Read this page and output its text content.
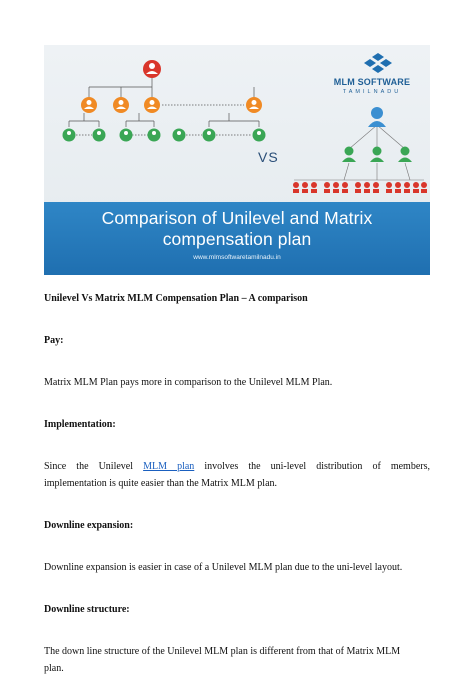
MLM SOFTWARE
TAMILNADU
VS
Comparison of Unilevel and Matrix
compensation plan
www.mlmsoftwaretamilnadu.in
Unilevel Vs Matrix MLM Compensation Plan – A comparison
Pay:
Matrix MLM Plan pays more in comparison to the Unilevel MLM Plan.
Implementation:
Since the Unilevel MLM plan involves the uni-level distribution of members,
implementation is quite easier than the Matrix MLM plan.
Downline expansion:
Downline expansion is easier in case of a Unilevel MLM plan due to the uni-level layout.
Downline structure:
The down line structure of the Unilevel MLM plan is different from that of Matrix MLM
plan.
